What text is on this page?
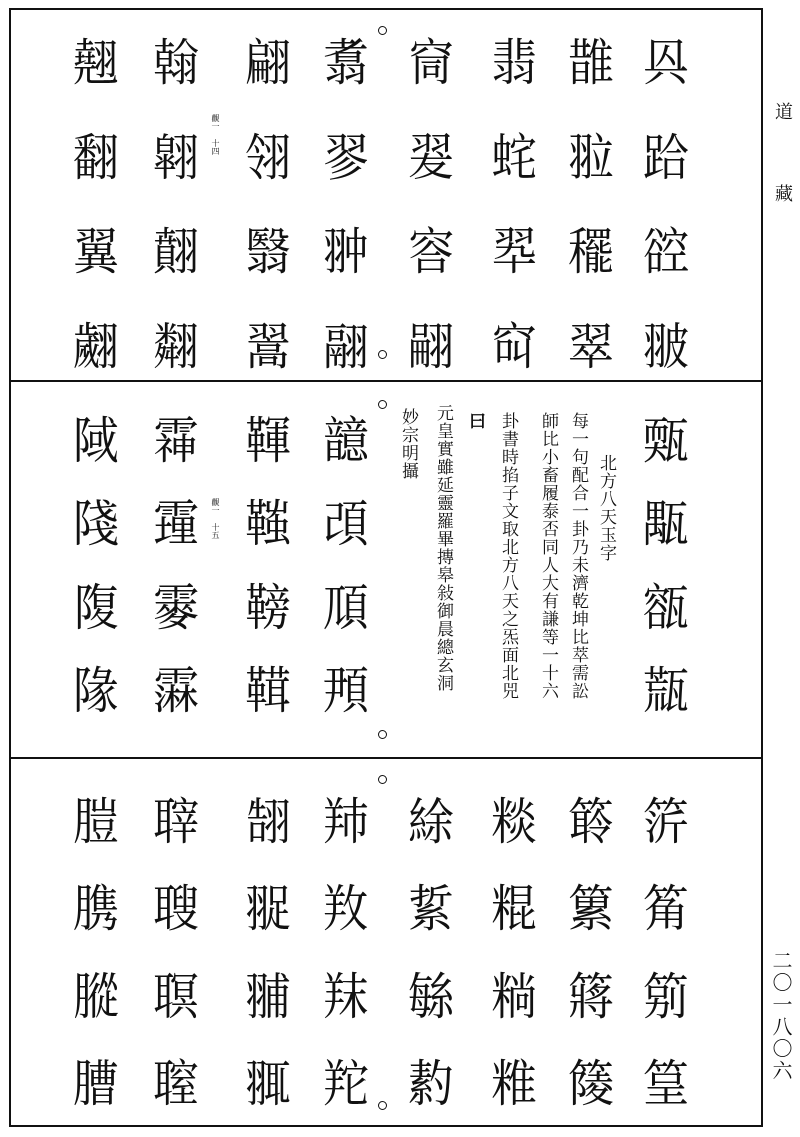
㒷
跲
谾
翍
䧿
翋
䆉
翠
翡
䖳
翆
䆗
䆚
翇
䆟
翤
翥
翏
翀
翮
翩
翎
翳
翯
觀一 十四
翰
翶
翸
翷
翹
翻
翼
翽
㼲
㼴
㼸
㼹
北方八天玉字
每一句配合一卦乃未濟乾坤比萃需訟
師比小畜履泰否同人大有謙等一十六
卦書時掐子文取北方八天之炁面北兕
曰
元皇實雖延靈羅畢摶皋敍御晨總玄洞
妙宗明攝
䪰
䪱
䪲
䪳
䩵
䩶
䩷
䩸
觀一 十五
䨩
䨪
䨫
䨬
䧕
䧖
䧗
䧘
䇵
䇶
䇷
䇸
䉁
䉂
䉃
䉄
䊏
䊐
䊑
䊒
䋡
䋢
䋣
䋤
䍨
䍩
䍪
䍫
䎋
䎌
䎍
䎎
䏁
䏂
䏃
䏄
䐩
䐪
䐫
䐬
道
藏
二〇一八〇六
